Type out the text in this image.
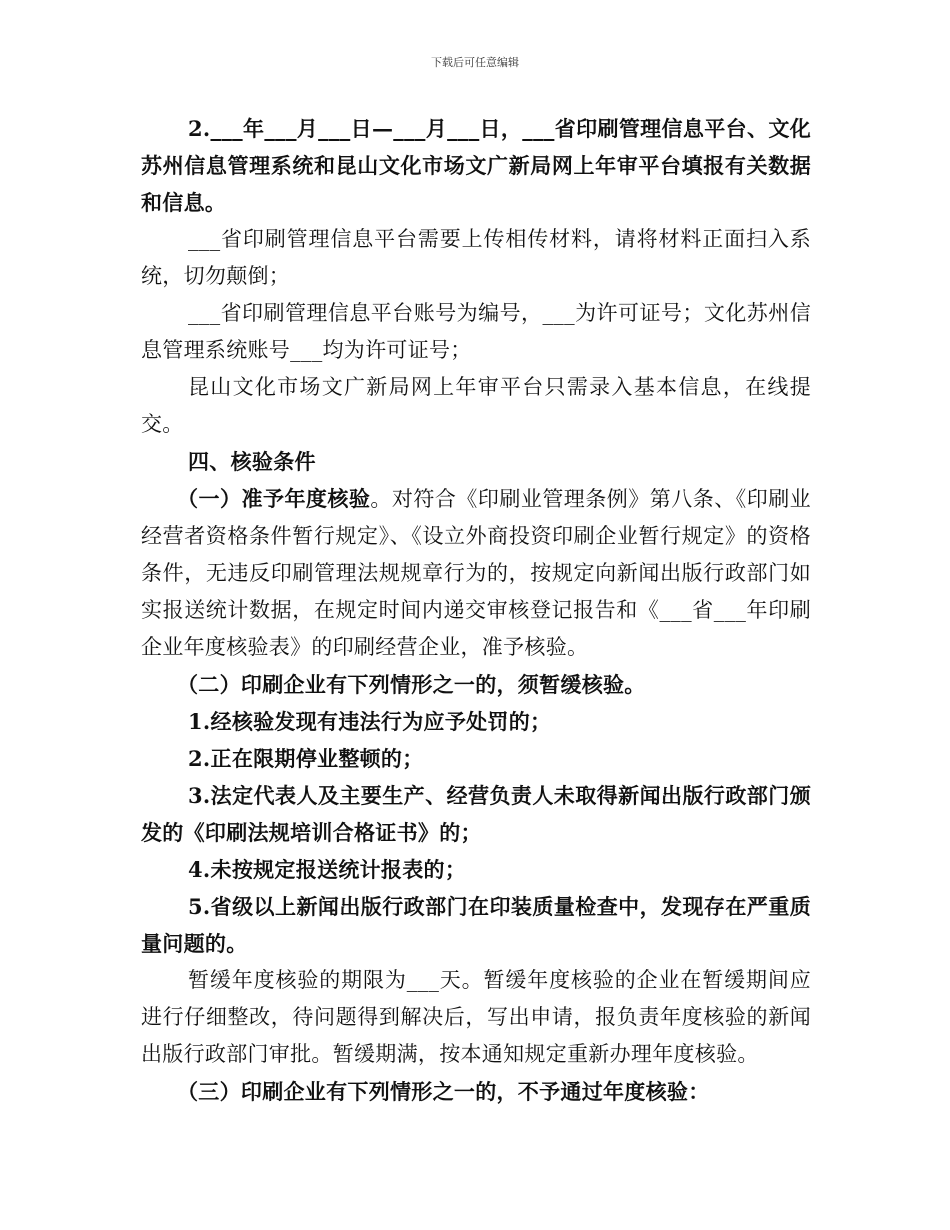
下载后可任意编辑

2.___年___月___日—___月___日，___省印刷管理信息平台、文化苏州信息管理系统和昆山文化市场文广新局网上年审平台填报有关数据和信息。

___省印刷管理信息平台需要上传相传材料，请将材料正面扫入系统，切勿颠倒；

___省印刷管理信息平台账号为编号，___为许可证号；文化苏州信息管理系统账号___均为许可证号；

昆山文化市场文广新局网上年审平台只需录入基本信息，在线提交。

四、核验条件

（一）准予年度核验。对符合《印刷业管理条例》第八条、《印刷业经营者资格条件暂行规定》、《设立外商投资印刷企业暂行规定》的资格条件，无违反印刷管理法规规章行为的，按规定向新闻出版行政部门如实报送统计数据，在规定时间内递交审核登记报告和《___省___年印刷企业年度核验表》的印刷经营企业，准予核验。

（二）印刷企业有下列情形之一的，须暂缓核验。

1.经核验发现有违法行为应予处罚的；

2.正在限期停业整顿的；

3.法定代表人及主要生产、经营负责人未取得新闻出版行政部门颁发的《印刷法规培训合格证书》的；

4.未按规定报送统计报表的；

5.省级以上新闻出版行政部门在印装质量检查中，发现存在严重质量问题的。

暂缓年度核验的期限为___天。暂缓年度核验的企业在暂缓期间应进行仔细整改，待问题得到解决后，写出申请，报负责年度核验的新闻出版行政部门审批。暂缓期满，按本通知规定重新办理年度核验。

（三）印刷企业有下列情形之一的，不予通过年度核验：
